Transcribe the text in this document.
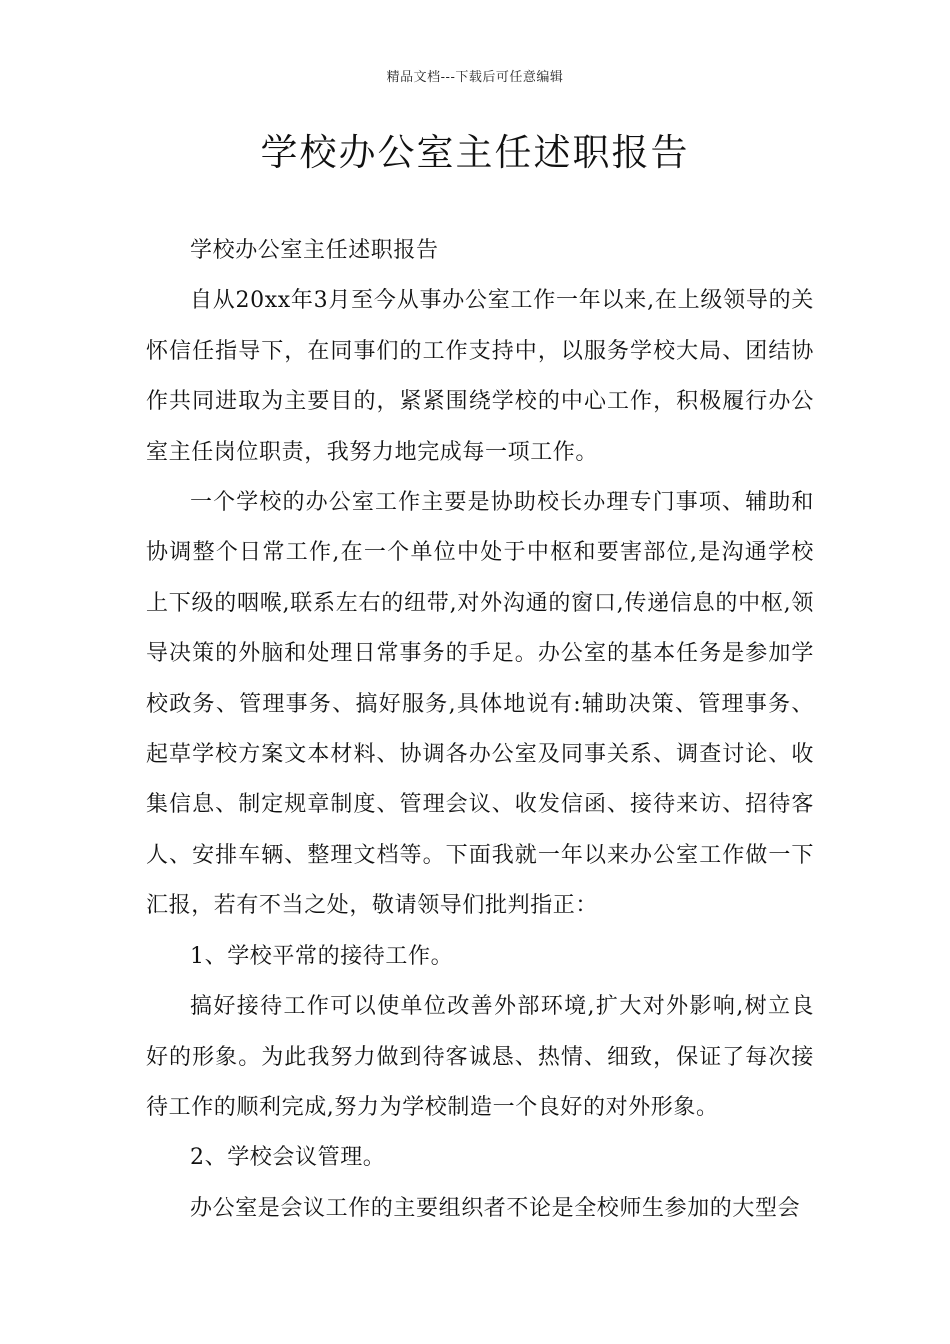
精品文档---下载后可任意编辑
学校办公室主任述职报告

学校办公室主任述职报告

自从20xx年3月至今从事办公室工作一年以来,在上级领导的关怀信任指导下，在同事们的工作支持中，以服务学校大局、团结协作共同进取为主要目的，紧紧围绕学校的中心工作，积极履行办公室主任岗位职责，我努力地完成每一项工作。

一个学校的办公室工作主要是协助校长办理专门事项、辅助和协调整个日常工作,在一个单位中处于中枢和要害部位,是沟通学校上下级的咽喉,联系左右的纽带,对外沟通的窗口,传递信息的中枢,领导决策的外脑和处理日常事务的手足。办公室的基本任务是参加学校政务、管理事务、搞好服务,具体地说有:辅助决策、管理事务、起草学校方案文本材料、协调各办公室及同事关系、调查讨论、收集信息、制定规章制度、管理会议、收发信函、接待来访、招待客人、安排车辆、整理文档等。下面我就一年以来办公室工作做一下汇报，若有不当之处，敬请领导们批判指正：

1、学校平常的接待工作。

搞好接待工作可以使单位改善外部环境,扩大对外影响,树立良好的形象。为此我努力做到待客诚恳、热情、细致，保证了每次接待工作的顺利完成,努力为学校制造一个良好的对外形象。

2、学校会议管理。

办公室是会议工作的主要组织者不论是全校师生参加的大型会
